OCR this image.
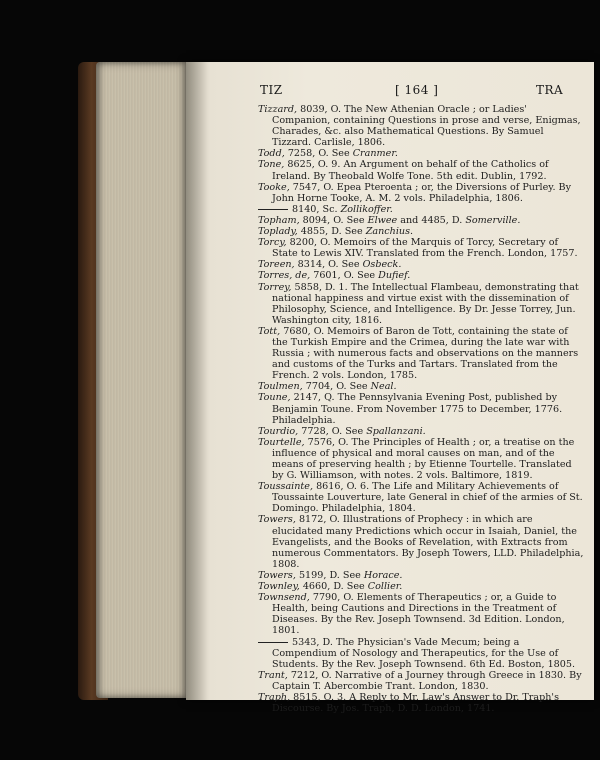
TIZ	[ 164 ]	TRA
Tizzard, 8039, O. The New Athenian Oracle ; or Ladies' Companion, containing Questions in prose and verse, Enigmas, Charades, &c. also Mathematical Questions. By Samuel Tizzard. Carlisle, 1806.
Todd, 7258, O. See Cranmer.
Tone, 8625, O. 9. An Argument on behalf of the Catholics of Ireland. By Theobald Wolfe Tone. 5th edit. Dublin, 1792.
Tooke, 7547, O. Epea Pteroenta ; or, the Diversions of Purley. By John Horne Tooke, A. M. 2 vols. Philadelphia, 1806.
8140, Sc. Zollikoffer.
Topham, 8094, O. See Elwee and 4485, D. Somerville.
Toplady, 4855, D. See Zanchius.
Torcy, 8200, O. Memoirs of the Marquis of Torcy, Secretary of State to Lewis XIV. Translated from the French. London, 1757.
Toreen, 8314, O. See Osbeck.
Torres, de, 7601, O. See Dufief.
Torrey, 5858, D. 1. The Intellectual Flambeau, demonstrating that national happiness and virtue exist with the dissemination of Philosophy, Science, and Intelligence. By Dr. Jesse Torrey, Jun. Washington city, 1816.
Tott, 7680, O. Memoirs of Baron de Tott, containing the state of the Turkish Empire and the Crimea, during the late war with Russia ; with numerous facts and observations on the manners and customs of the Turks and Tartars. Translated from the French. 2 vols. London, 1785.
Toulmen, 7704, O. See Neal.
Toune, 2147, Q. The Pennsylvania Evening Post, published by Benjamin Toune. From November 1775 to December, 1776. Philadelphia.
Tourdio, 7728, O. See Spallanzani.
Tourtelle, 7576, O. The Principles of Health ; or, a treatise on the influence of physical and moral causes on man, and of the means of preserving health ; by Etienne Tourtelle. Translated by G. Williamson, with notes. 2 vols. Baltimore, 1819.
Toussainte, 8616, O. 6. The Life and Military Achievements of Toussainte Louverture, late General in chief of the armies of St. Domingo. Philadelphia, 1804.
Towers, 8172, O. Illustrations of Prophecy : in which are elucidated many Predictions which occur in Isaiah, Daniel, the Evangelists, and the Books of Revelation, with Extracts from numerous Commentators. By Joseph Towers, LLD. Philadelphia, 1808.
Towers, 5199, D. See Horace.
Townley, 4660, D. See Collier.
Townsend, 7790, O. Elements of Therapeutics ; or, a Guide to Health, being Cautions and Directions in the Treatment of Diseases. By the Rev. Joseph Townsend. 3d Edition. London, 1801.
5343, D. The Physician's Vade Mecum; being a Compendium of Nosology and Therapeutics, for the Use of Students. By the Rev. Joseph Townsend. 6th Ed. Boston, 1805.
Trant, 7212, O. Narrative of a Journey through Greece in 1830. By Captain T. Abercombie Trant. London, 1830.
Traph, 8515, O. 3. A Reply to Mr. Law's Answer to Dr. Traph's Discourse. By Jos. Traph, D. D. London, 1741.
